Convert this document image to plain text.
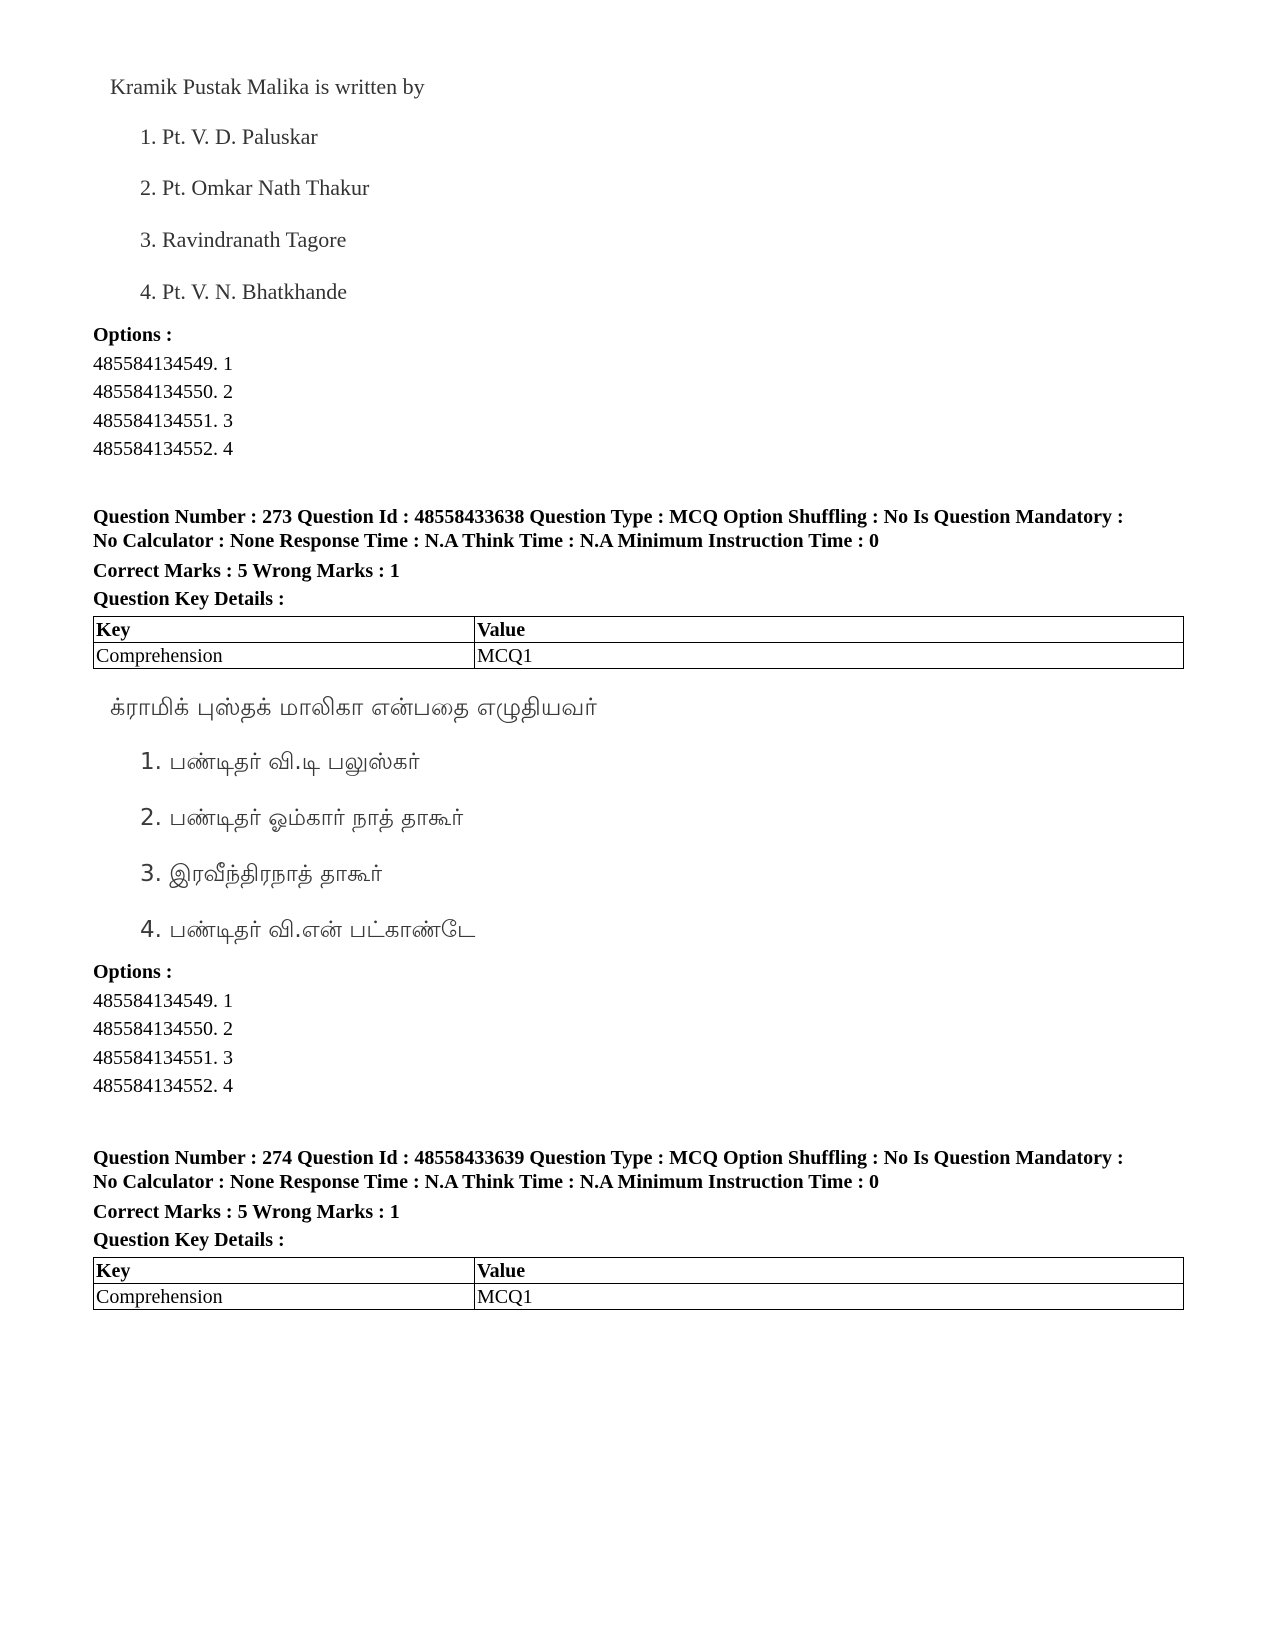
Kramik Pustak Malika is written by

1. Pt. V. D. Paluskar
2. Pt. Omkar Nath Thakur
3. Ravindranath Tagore
4. Pt. V. N. Bhatkhande
Options :
485584134549. 1
485584134550. 2
485584134551. 3
485584134552. 4
Question Number : 273 Question Id : 48558433638 Question Type : MCQ Option Shuffling : No Is Question Mandatory :
No Calculator : None Response Time : N.A Think Time : N.A Minimum Instruction Time : 0
Correct Marks : 5 Wrong Marks : 1
Question Key Details :
Key	Value
Comprehension	MCQ1

க்ராமிக் புஸ்தக் மாலிகா என்பதை எழுதியவர்

1. பண்டிதர் வி.டி பலுஸ்கர்
2. பண்டிதர் ஓம்கார் நாத் தாகூர்
3. இரவீந்திரநாத் தாகூர்
4. பண்டிதர் வி.என் பட்காண்டே
Options :
485584134549. 1
485584134550. 2
485584134551. 3
485584134552. 4
Question Number : 274 Question Id : 48558433639 Question Type : MCQ Option Shuffling : No Is Question Mandatory :
No Calculator : None Response Time : N.A Think Time : N.A Minimum Instruction Time : 0
Correct Marks : 5 Wrong Marks : 1
Question Key Details :
Key	Value
Comprehension	MCQ1
